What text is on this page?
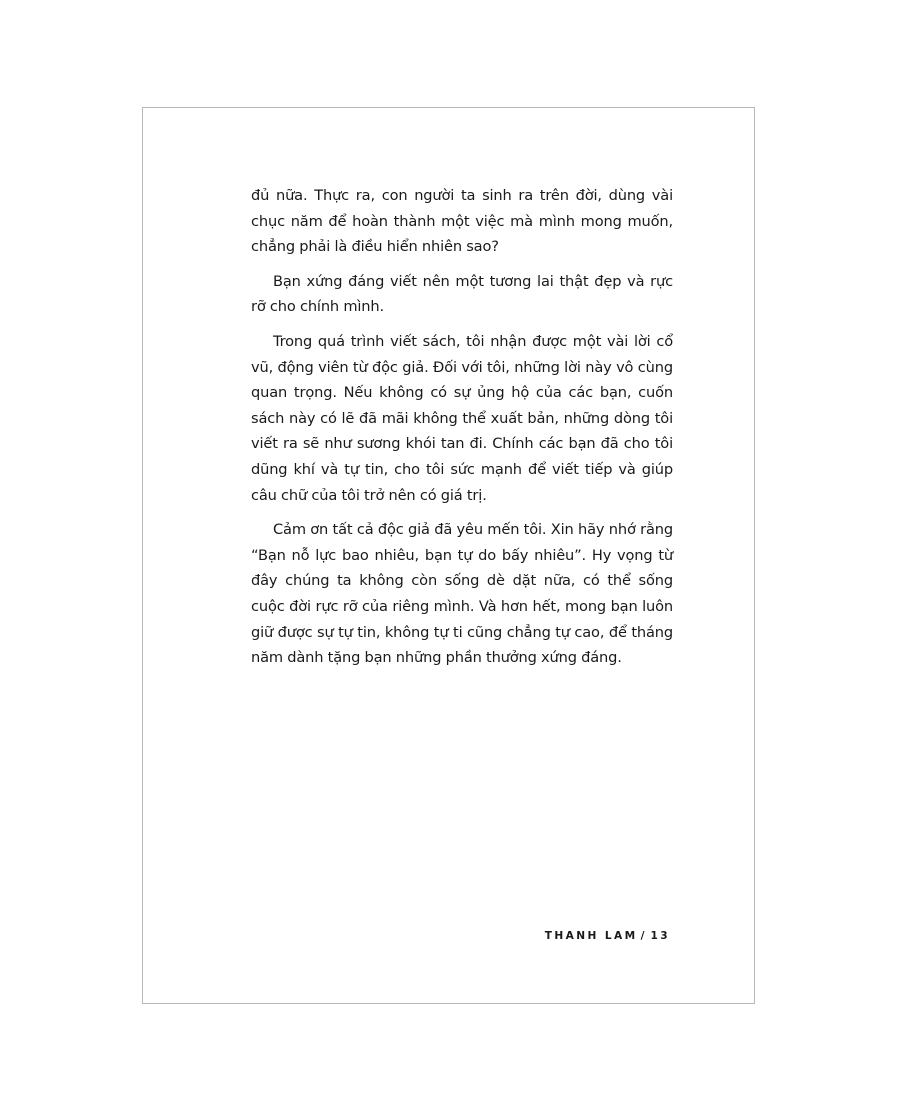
đủ nữa. Thực ra, con người ta sinh ra trên đời, dùng vài chục năm để hoàn thành một việc mà mình mong muốn, chẳng phải là điều hiển nhiên sao?

Bạn xứng đáng viết nên một tương lai thật đẹp và rực rỡ cho chính mình.

Trong quá trình viết sách, tôi nhận được một vài lời cổ vũ, động viên từ độc giả. Đối với tôi, những lời này vô cùng quan trọng. Nếu không có sự ủng hộ của các bạn, cuốn sách này có lẽ đã mãi không thể xuất bản, những dòng tôi viết ra sẽ như sương khói tan đi. Chính các bạn đã cho tôi dũng khí và tự tin, cho tôi sức mạnh để viết tiếp và giúp câu chữ của tôi trở nên có giá trị.

Cảm ơn tất cả độc giả đã yêu mến tôi. Xin hãy nhớ rằng “Bạn nỗ lực bao nhiêu, bạn tự do bấy nhiêu”. Hy vọng từ đây chúng ta không còn sống dè dặt nữa, có thể sống cuộc đời rực rỡ của riêng mình. Và hơn hết, mong bạn luôn giữ được sự tự tin, không tự ti cũng chẳng tự cao, để tháng năm dành tặng bạn những phần thưởng xứng đáng.

THANH LAM / 13
